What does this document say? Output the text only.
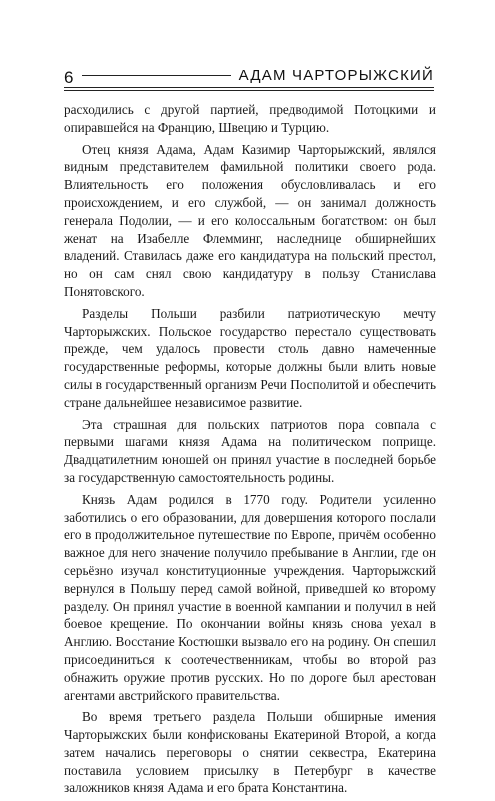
6	АДАМ ЧАРТОРЫЖСКИЙ

расходились с другой партией, предводимой Потоцкими и опиравшейся на Францию, Швецию и Турцию.

Отец князя Адама, Адам Казимир Чарторыжский, являлся видным представителем фамильной политики своего рода. Влиятельность его положения обусловливалась и его происхождением, и его службой, — он занимал должность генерала Подолии, — и его колоссальным богатством: он был женат на Изабелле Флемминг, наследнице обширнейших владений. Ставилась даже его кандидатура на польский престол, но он сам снял свою кандидатуру в пользу Станислава Понятовского.

Разделы Польши разбили патриотическую мечту Чарторыжских. Польское государство перестало существовать прежде, чем удалось провести столь давно намеченные государственные реформы, которые должны были влить новые силы в государственный организм Речи Посполитой и обеспечить стране дальнейшее независимое развитие.

Эта страшная для польских патриотов пора совпала с первыми шагами князя Адама на политическом поприще. Двадцатилетним юношей он принял участие в последней борьбе за государственную самостоятельность родины.

Князь Адам родился в 1770 году. Родители усиленно заботились о его образовании, для довершения которого послали его в продолжительное путешествие по Европе, причём особенно важное для него значение получило пребывание в Англии, где он серьёзно изучал конституционные учреждения. Чарторыжский вернулся в Польшу перед самой войной, приведшей ко второму разделу. Он принял участие в военной кампании и получил в ней боевое крещение. По окончании войны князь снова уехал в Англию. Восстание Костюшки вызвало его на родину. Он спешил присоединиться к соотечественникам, чтобы во второй раз обнажить оружие против русских. Но по дороге был арестован агентами австрийского правительства.

Во время третьего раздела Польши обширные имения Чарторыжских были конфискованы Екатериной Второй, а когда затем начались переговоры о снятии секвестра, Екатерина поставила условием присылку в Петербург в качестве заложников князя Адама и его брата Константина.
